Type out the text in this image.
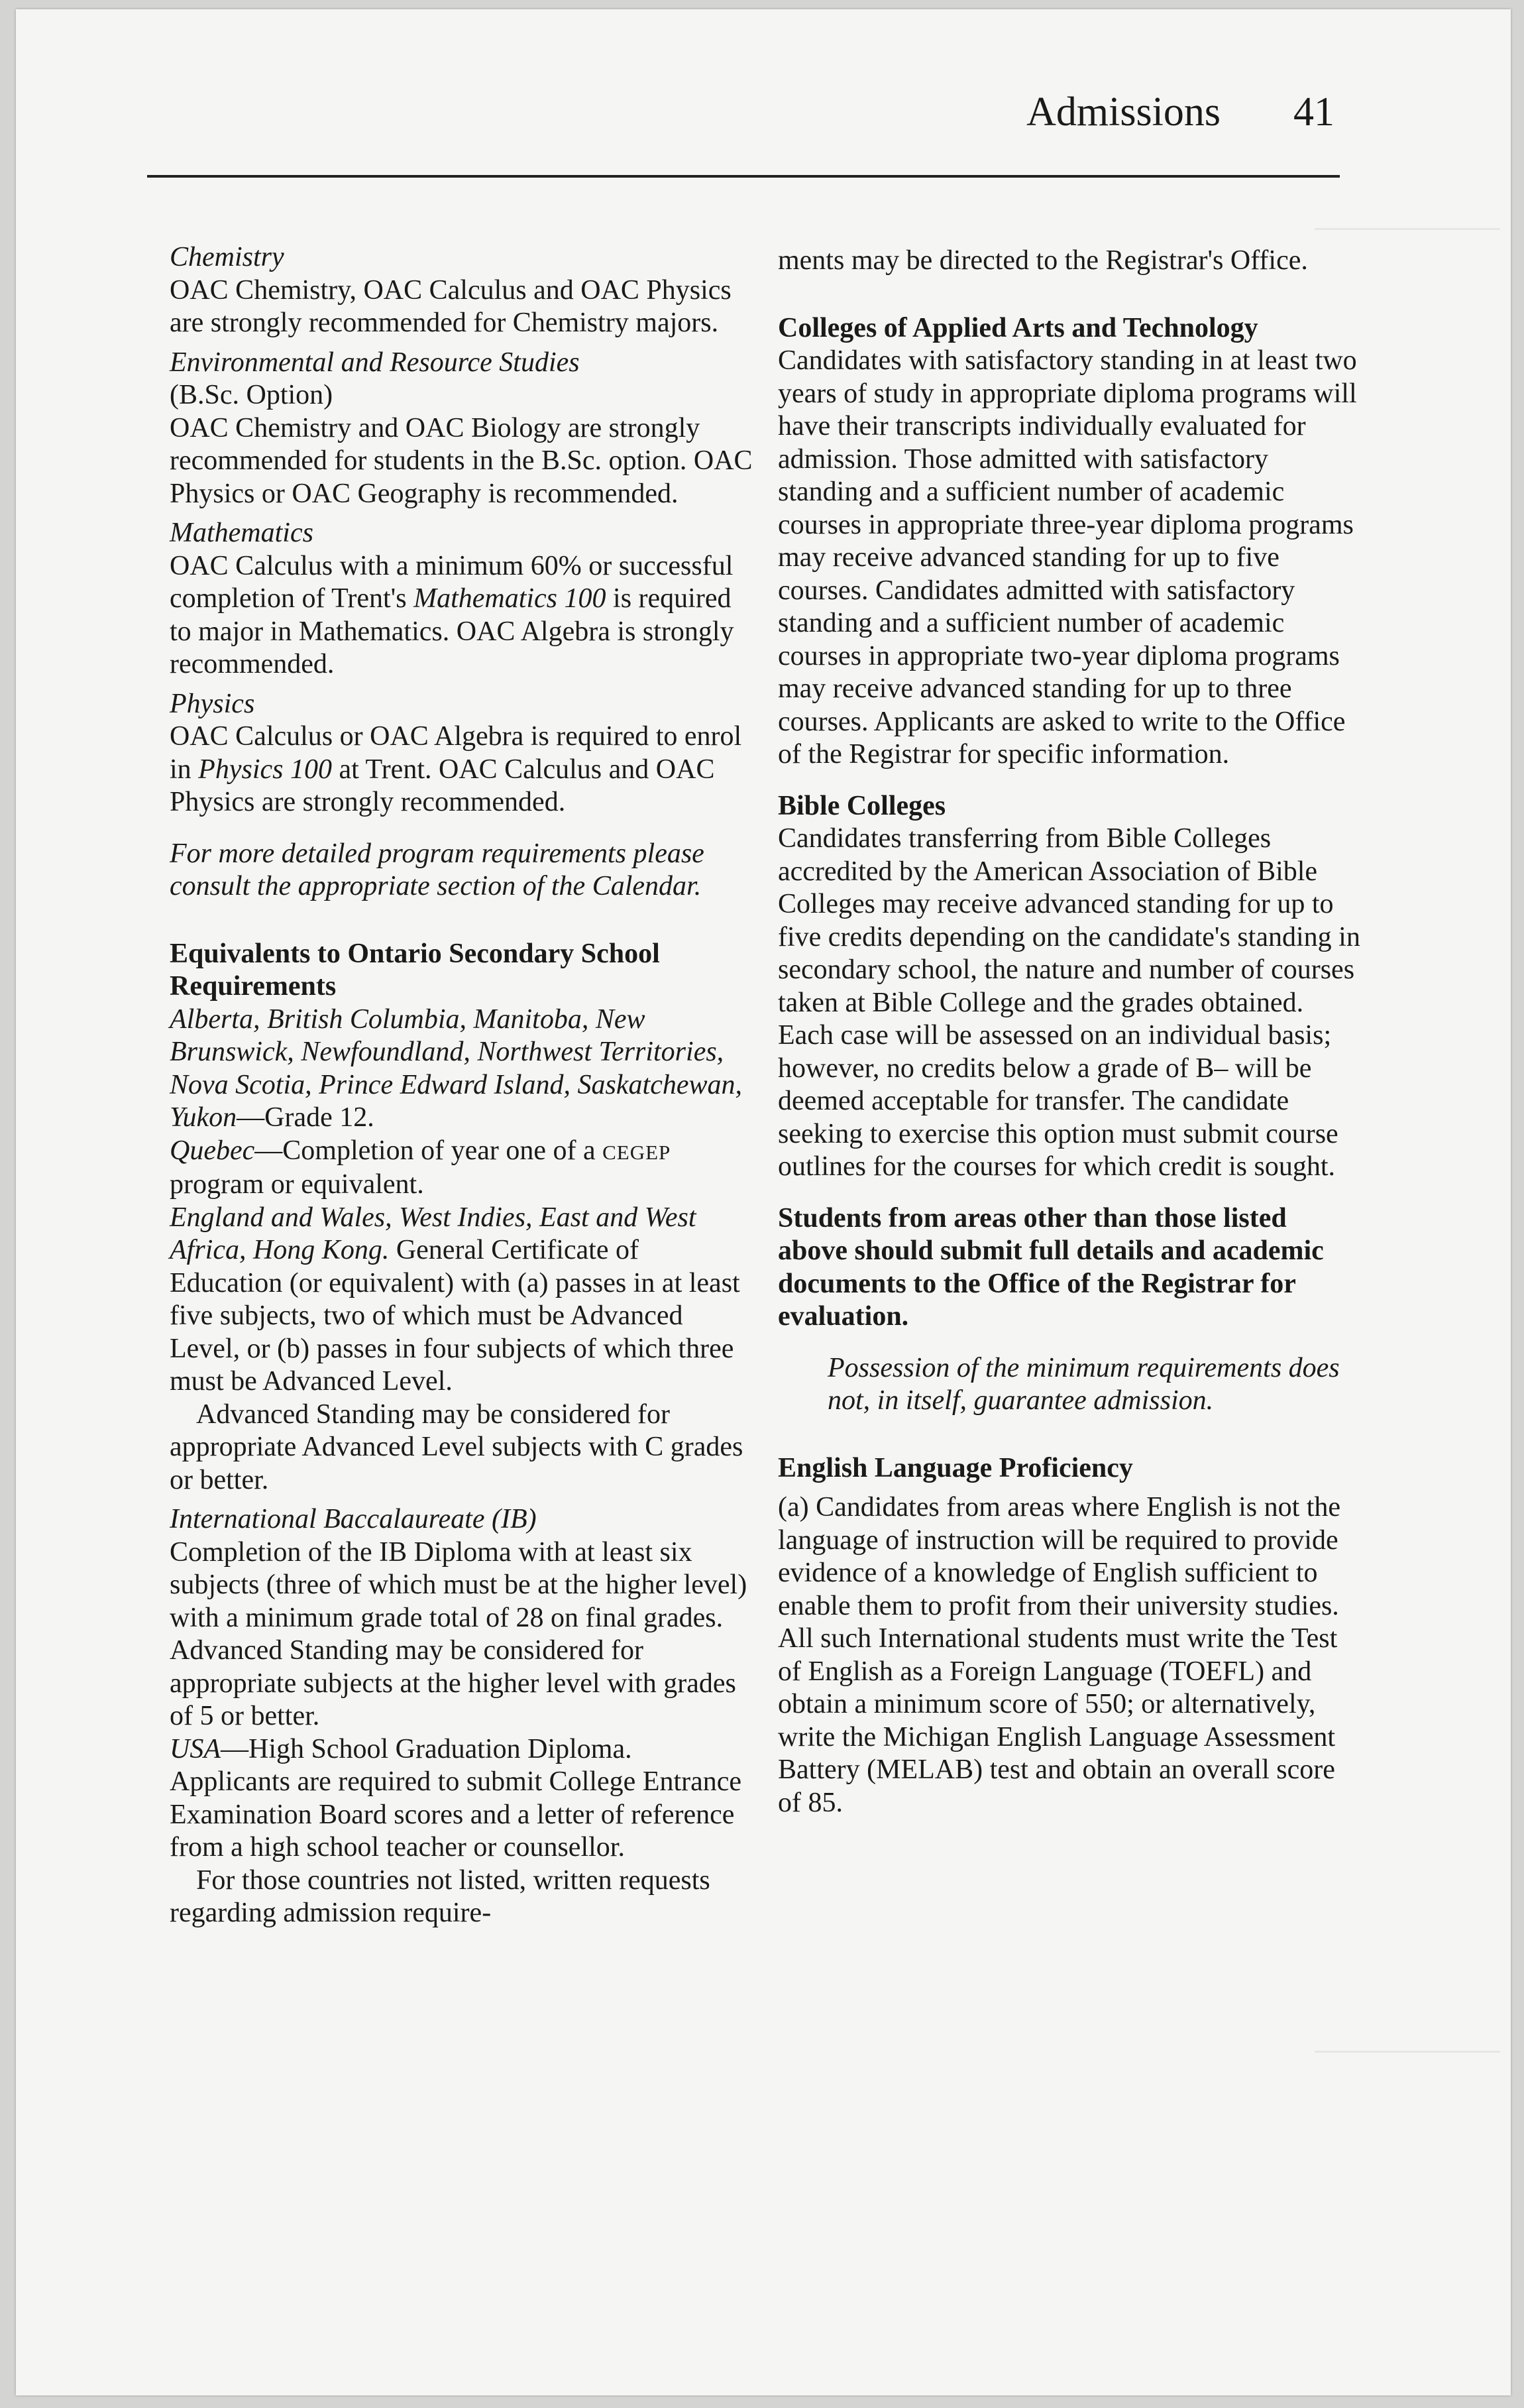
Admissions 41

Chemistry

OAC Chemistry, OAC Calculus and OAC Physics are strongly recommended for Chemistry majors.

Environmental and Resource Studies

(B.Sc. Option)

OAC Chemistry and OAC Biology are strongly recommended for students in the B.Sc. option. OAC Physics or OAC Geography is recommended.

Mathematics

OAC Calculus with a minimum 60% or successful completion of Trent's Mathematics 100 is required to major in Mathematics. OAC Algebra is strongly recommended.

Physics

OAC Calculus or OAC Algebra is required to enrol in Physics 100 at Trent. OAC Calculus and OAC Physics are strongly recommended.

For more detailed program requirements please consult the appropriate section of the Calendar.

Equivalents to Ontario Secondary School Requirements

Alberta, British Columbia, Manitoba, New Brunswick, Newfoundland, Northwest Territories, Nova Scotia, Prince Edward Island, Saskatchewan, Yukon—Grade 12.

Quebec—Completion of year one of a CEGEP program or equivalent.

England and Wales, West Indies, East and West Africa, Hong Kong. General Certificate of Education (or equivalent) with (a) passes in at least five subjects, two of which must be Advanced Level, or (b) passes in four subjects of which three must be Advanced Level.

Advanced Standing may be considered for appropriate Advanced Level subjects with C grades or better.

International Baccalaureate (IB)

Completion of the IB Diploma with at least six subjects (three of which must be at the higher level) with a minimum grade total of 28 on final grades. Advanced Standing may be considered for appropriate subjects at the higher level with grades of 5 or better.

USA—High School Graduation Diploma. Applicants are required to submit College Entrance Examination Board scores and a letter of reference from a high school teacher or counsellor.

For those countries not listed, written requests regarding admission require-

ments may be directed to the Registrar's Office.

Colleges of Applied Arts and Technology

Candidates with satisfactory standing in at least two years of study in appropriate diploma programs will have their transcripts individually evaluated for admission. Those admitted with satisfactory standing and a sufficient number of academic courses in appropriate three-year diploma programs may receive advanced standing for up to five courses. Candidates admitted with satisfactory standing and a sufficient number of academic courses in appropriate two-year diploma programs may receive advanced standing for up to three courses. Applicants are asked to write to the Office of the Registrar for specific information.

Bible Colleges

Candidates transferring from Bible Colleges accredited by the American Association of Bible Colleges may receive advanced standing for up to five credits depending on the candidate's standing in secondary school, the nature and number of courses taken at Bible College and the grades obtained. Each case will be assessed on an individual basis; however, no credits below a grade of B– will be deemed acceptable for transfer. The candidate seeking to exercise this option must submit course outlines for the courses for which credit is sought.

Students from areas other than those listed above should submit full details and academic documents to the Office of the Registrar for evaluation.

Possession of the minimum requirements does not, in itself, guarantee admission.

English Language Proficiency

(a) Candidates from areas where English is not the language of instruction will be required to provide evidence of a knowledge of English sufficient to enable them to profit from their university studies. All such International students must write the Test of English as a Foreign Language (TOEFL) and obtain a minimum score of 550; or alternatively, write the Michigan English Language Assessment Battery (MELAB) test and obtain an overall score of 85.
